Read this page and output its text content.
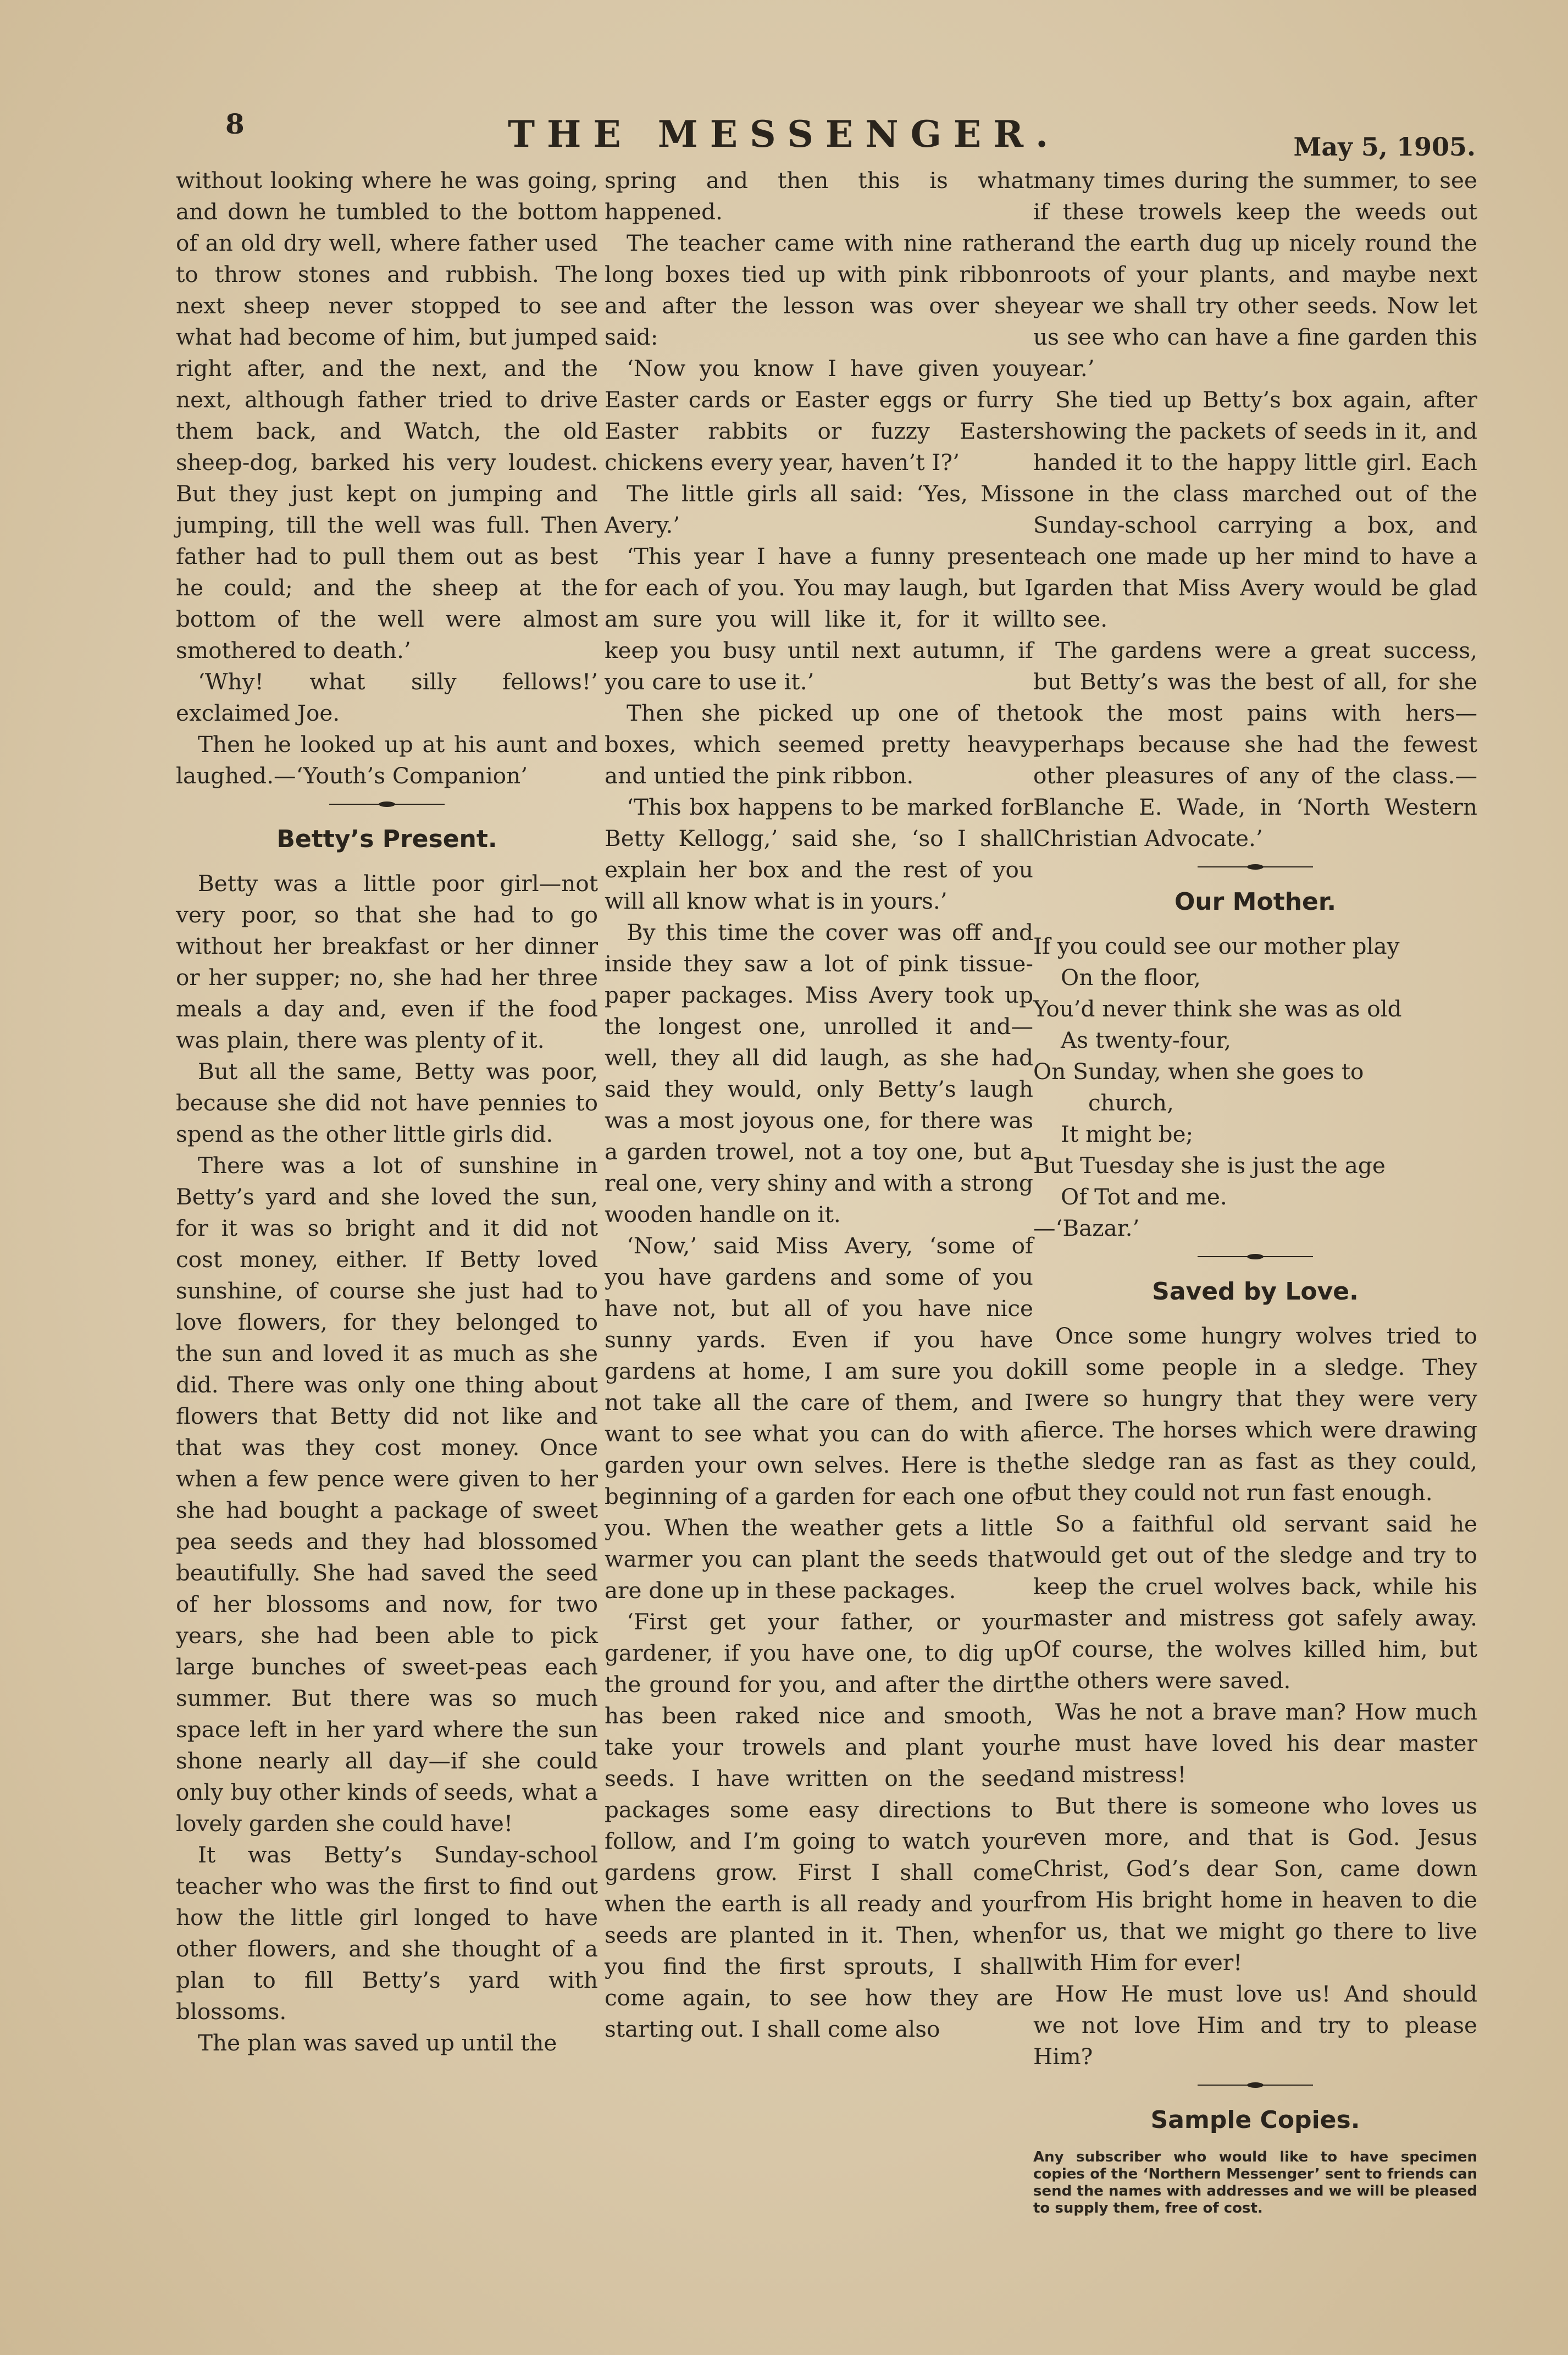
8	THE MESSENGER.	May 5, 1905.

without looking where he was going, and down he tumbled to the bottom of an old dry well, where father used to throw stones and rubbish. The next sheep never stopped to see what had become of him, but jumped right after, and the next, and the next, although father tried to drive them back, and Watch, the old sheep-dog, barked his very loudest. But they just kept on jumping and jumping, till the well was full. Then father had to pull them out as best he could; and the sheep at the bottom of the well were almost smothered to death.’

‘Why! what silly fellows!’ exclaimed Joe.

Then he looked up at his aunt and laughed.—‘Youth’s Companion’

Betty’s Present.

Betty was a little poor girl—not very poor, so that she had to go without her breakfast or her dinner or her supper; no, she had her three meals a day and, even if the food was plain, there was plenty of it.

But all the same, Betty was poor, because she did not have pennies to spend as the other little girls did.

There was a lot of sunshine in Betty’s yard and she loved the sun, for it was so bright and it did not cost money, either. If Betty loved sunshine, of course she just had to love flowers, for they belonged to the sun and loved it as much as she did. There was only one thing about flowers that Betty did not like and that was they cost money. Once when a few pence were given to her she had bought a package of sweet pea seeds and they had blossomed beautifully. She had saved the seed of her blossoms and now, for two years, she had been able to pick large bunches of sweet-peas each summer. But there was so much space left in her yard where the sun shone nearly all day—if she could only buy other kinds of seeds, what a lovely garden she could have!

It was Betty’s Sunday-school teacher who was the first to find out how the little girl longed to have other flowers, and she thought of a plan to fill Betty’s yard with blossoms.

The plan was saved up until the

spring and then this is what happened.

The teacher came with nine rather long boxes tied up with pink ribbon and after the lesson was over she said:

‘Now you know I have given you Easter cards or Easter eggs or furry Easter rabbits or fuzzy Easter chickens every year, haven’t I?’

The little girls all said: ‘Yes, Miss Avery.’

‘This year I have a funny present for each of you. You may laugh, but I am sure you will like it, for it will keep you busy until next autumn, if you care to use it.’

Then she picked up one of the boxes, which seemed pretty heavy and untied the pink ribbon.

‘This box happens to be marked for Betty Kellogg,’ said she, ‘so I shall explain her box and the rest of you will all know what is in yours.’

By this time the cover was off and inside they saw a lot of pink tissue-paper packages. Miss Avery took up the longest one, unrolled it and—well, they all did laugh, as she had said they would, only Betty’s laugh was a most joyous one, for there was a garden trowel, not a toy one, but a real one, very shiny and with a strong wooden handle on it.

‘Now,’ said Miss Avery, ‘some of you have gardens and some of you have not, but all of you have nice sunny yards. Even if you have gardens at home, I am sure you do not take all the care of them, and I want to see what you can do with a garden your own selves. Here is the beginning of a garden for each one of you. When the weather gets a little warmer you can plant the seeds that are done up in these packages.

‘First get your father, or your gardener, if you have one, to dig up the ground for you, and after the dirt has been raked nice and smooth, take your trowels and plant your seeds. I have written on the seed packages some easy directions to follow, and I’m going to watch your gardens grow. First I shall come when the earth is all ready and your seeds are planted in it. Then, when you find the first sprouts, I shall come again, to see how they are starting out. I shall come also

many times during the summer, to see if these trowels keep the weeds out and the earth dug up nicely round the roots of your plants, and maybe next year we shall try other seeds. Now let us see who can have a fine garden this year.’

She tied up Betty’s box again, after showing the packets of seeds in it, and handed it to the happy little girl. Each one in the class marched out of the Sunday-school carrying a box, and each one made up her mind to have a garden that Miss Avery would be glad to see.

The gardens were a great success, but Betty’s was the best of all, for she took the most pains with hers—perhaps because she had the fewest other pleasures of any of the class.—Blanche E. Wade, in ‘North Western Christian Advocate.’

Our Mother.
If you could see our mother play
On the floor,
You’d never think she was as old
As twenty-four,
On Sunday, when she goes to
church,
It might be;
But Tuesday she is just the age
Of Tot and me.
—‘Bazar.’
Saved by Love.

Once some hungry wolves tried to kill some people in a sledge. They were so hungry that they were very fierce. The horses which were drawing the sledge ran as fast as they could, but they could not run fast enough.

So a faithful old servant said he would get out of the sledge and try to keep the cruel wolves back, while his master and mistress got safely away. Of course, the wolves killed him, but the others were saved.

Was he not a brave man? How much he must have loved his dear master and mistress!

But there is someone who loves us even more, and that is God. Jesus Christ, God’s dear Son, came down from His bright home in heaven to die for us, that we might go there to live with Him for ever!

How He must love us! And should we not love Him and try to please Him?

Sample Copies.
Any subscriber who would like to have specimen copies of the ‘Northern Messenger’ sent to friends can send the names with addresses and we will be pleased to supply them, free of cost.
